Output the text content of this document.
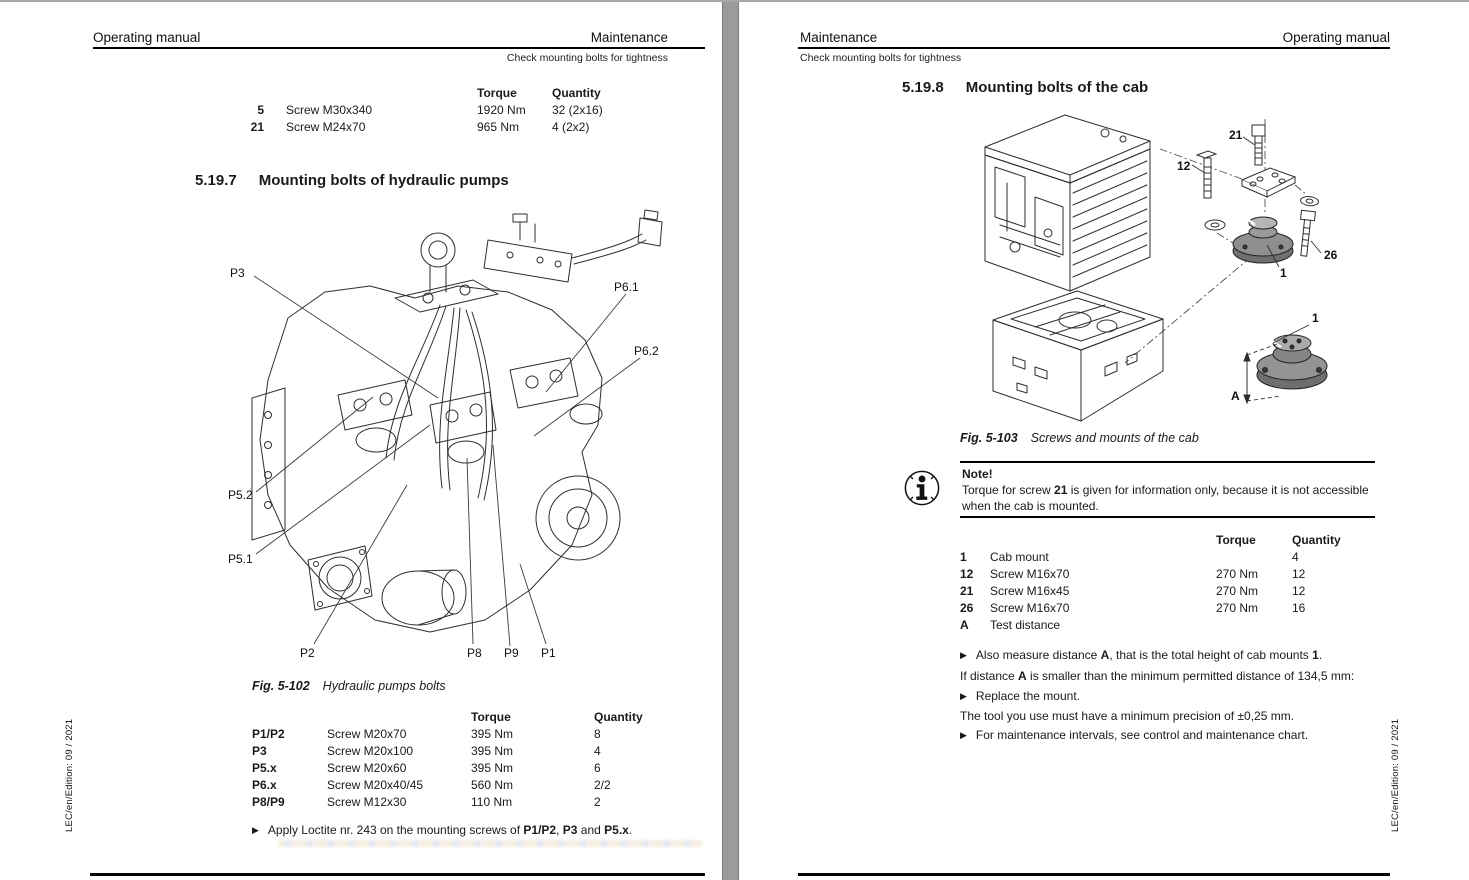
Operating manual	Maintenance
Check mounting bolts for tightness
		Torque	Quantity
5	Screw M30x340	1920 Nm	32 (2x16)
21	Screw M24x70	965 Nm	4 (2x2)
5.19.7 Mounting bolts of hydraulic pumps
P3
P6.1
P6.2
P5.2
P5.1
P2	P8 P9 P1
Fig. 5-102 Hydraulic pumps bolts
		Torque	Quantity
P1/P2	Screw M20x70	395 Nm	8
P3	Screw M20x100	395 Nm	4
P5.x	Screw M20x60	395 Nm	6
P6.x	Screw M20x40/45	560 Nm	2/2
P8/P9	Screw M12x30	110 Nm	2
▶ Apply Loctite nr. 243 on the mounting screws of P1/P2, P3 and P5.x.
LEC/en/Edition: 09 / 2021
Maintenance	Operating manual
Check mounting bolts for tightness
5.19.8 Mounting bolts of the cab
21
12
26
1
1
A
Fig. 5-103 Screws and mounts of the cab
Note!
Torque for screw 21 is given for information only, because it is not accessible when the cab is mounted.
		Torque	Quantity
1	Cab mount		4
12	Screw M16x70	270 Nm	12
21	Screw M16x45	270 Nm	12
26	Screw M16x70	270 Nm	16
A	Test distance		
▶ Also measure distance A, that is the total height of cab mounts 1.
If distance A is smaller than the minimum permitted distance of 134,5 mm:
▶ Replace the mount.
The tool you use must have a minimum precision of ±0,25 mm.
▶ For maintenance intervals, see control and maintenance chart.	LEC/en/Edition: 09 / 2021
